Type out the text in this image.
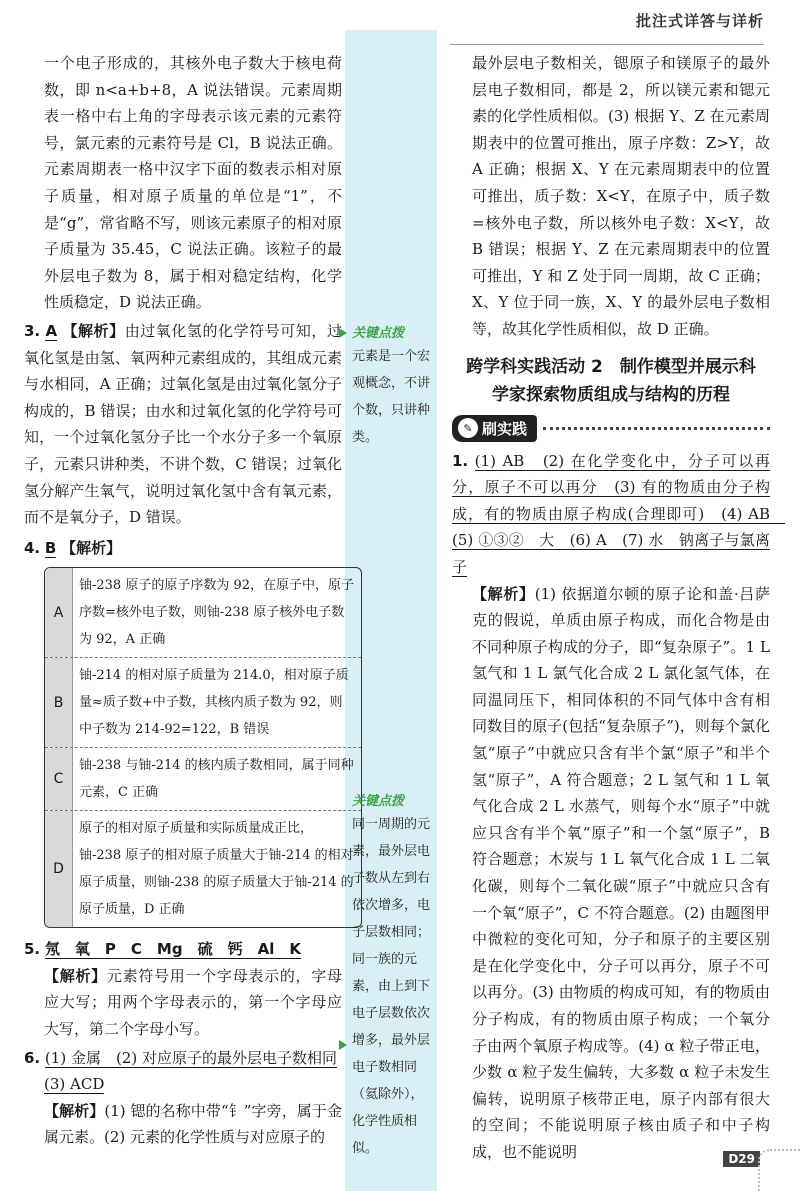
批注式详答与详析

一个电子形成的，其核外电子数大于核电荷数，即 n<a+b+8，A 说法错误。元素周期表一格中右上角的字母表示该元素的元素符号，氯元素的元素符号是 Cl，B 说法正确。元素周期表一格中汉字下面的数表示相对原子质量，相对原子质量的单位是“1”，不是“g”，常省略不写，则该元素原子的相对原子质量为 35.45，C 说法正确。该粒子的最外层电子数为 8，属于相对稳定结构，化学性质稳定，D 说法正确。

3. A 【解析】由过氧化氢的化学符号可知，过氧化氢是由氢、氧两种元素组成的，其组成元素与水相同，A 正确；过氧化氢是由过氧化氢分子构成的，B 错误；由水和过氧化氢的化学符号可知，一个过氧化氢分子比一个水分子多一个氧原子，元素只讲种类，不讲个数，C 错误；过氧化氢分解产生氧气，说明过氧化氢中含有氧元素，而不是氧分子，D 错误。

4. B 【解析】

A
铀-238 原子的原子序数为 92，在原子中，原子序数=核外电子数，则铀-238 原子核外电子数为 92，A 正确
B
铀-214 的相对原子质量为 214.0，相对原子质量≈质子数+中子数，其核内质子数为 92，则中子数为 214-92=122，B 错误
C
铀-238 与铀-214 的核内质子数相同，属于同种元素，C 正确
D
原子的相对原子质量和实际质量成正比，铀-238 原子的相对原子质量大于铀-214 的相对原子质量，则铀-238 的原子质量大于铀-214 的原子质量，D 正确

5. 氖　氧　P　C　Mg　硫　钙　Al　K

【解析】元素符号用一个字母表示的，字母应大写；用两个字母表示的，第一个字母应大写，第二个字母小写。

6. (1) 金属　(2) 对应原子的最外层电子数相同

(3) ACD

【解析】(1) 锶的名称中带“钅”字旁，属于金属元素。(2) 元素的化学性质与对应原子的

关键点拨
元素是一个宏观概念，不讲个数，只讲种类。
关键点拨
同一周期的元素，最外层电子数从左到右依次增多，电子层数相同；同一族的元素，由上到下电子层数依次增多，最外层电子数相同（氦除外），化学性质相似。

最外层电子数相关，锶原子和镁原子的最外层电子数相同，都是 2，所以镁元素和锶元素的化学性质相似。(3) 根据 Y、Z 在元素周期表中的位置可推出，原子序数：Z>Y，故 A 正确；根据 X、Y 在元素周期表中的位置可推出，质子数：X<Y，在原子中，质子数=核外电子数，所以核外电子数：X<Y，故 B 错误；根据 Y、Z 在元素周期表中的位置可推出，Y 和 Z 处于同一周期，故 C 正确；X、Y 位于同一族，X、Y 的最外层电子数相等，故其化学性质相似，故 D 正确。

跨学科实践活动 2　制作模型并展示科
学家探索物质组成与结构的历程
✎ 刷实践

1. (1) AB　(2) 在化学变化中，分子可以再分，原子不可以再分　(3) 有的物质由分子构成，有的物质由原子构成(合理即可)　(4) AB　(5) ①③②　大　(6) A　(7) 水　钠离子与氯离子

【解析】(1) 依据道尔顿的原子论和盖·吕萨克的假说，单质由原子构成，而化合物是由不同种原子构成的分子，即“复杂原子”。1 L 氢气和 1 L 氯气化合成 2 L 氯化氢气体，在同温同压下，相同体积的不同气体中含有相同数目的原子(包括“复杂原子”)，则每个氯化氢“原子”中就应只含有半个氯“原子”和半个氢“原子”，A 符合题意；2 L 氢气和 1 L 氧气化合成 2 L 水蒸气，则每个水“原子”中就应只含有半个氧“原子”和一个氢“原子”，B 符合题意；木炭与 1 L 氧气化合成 1 L 二氧化碳，则每个二氧化碳“原子”中就应只含有一个氧“原子”，C 不符合题意。(2) 由题图甲中微粒的变化可知，分子和原子的主要区别是在化学变化中，分子可以再分，原子不可以再分。(3) 由物质的构成可知，有的物质由分子构成，有的物质由原子构成；一个氧分子由两个氧原子构成等。(4) α 粒子带正电，少数 α 粒子发生偏转，大多数 α 粒子未发生偏转，说明原子核带正电，原子内部有很大的空间；不能说明原子核由质子和中子构成，也不能说明	D29
